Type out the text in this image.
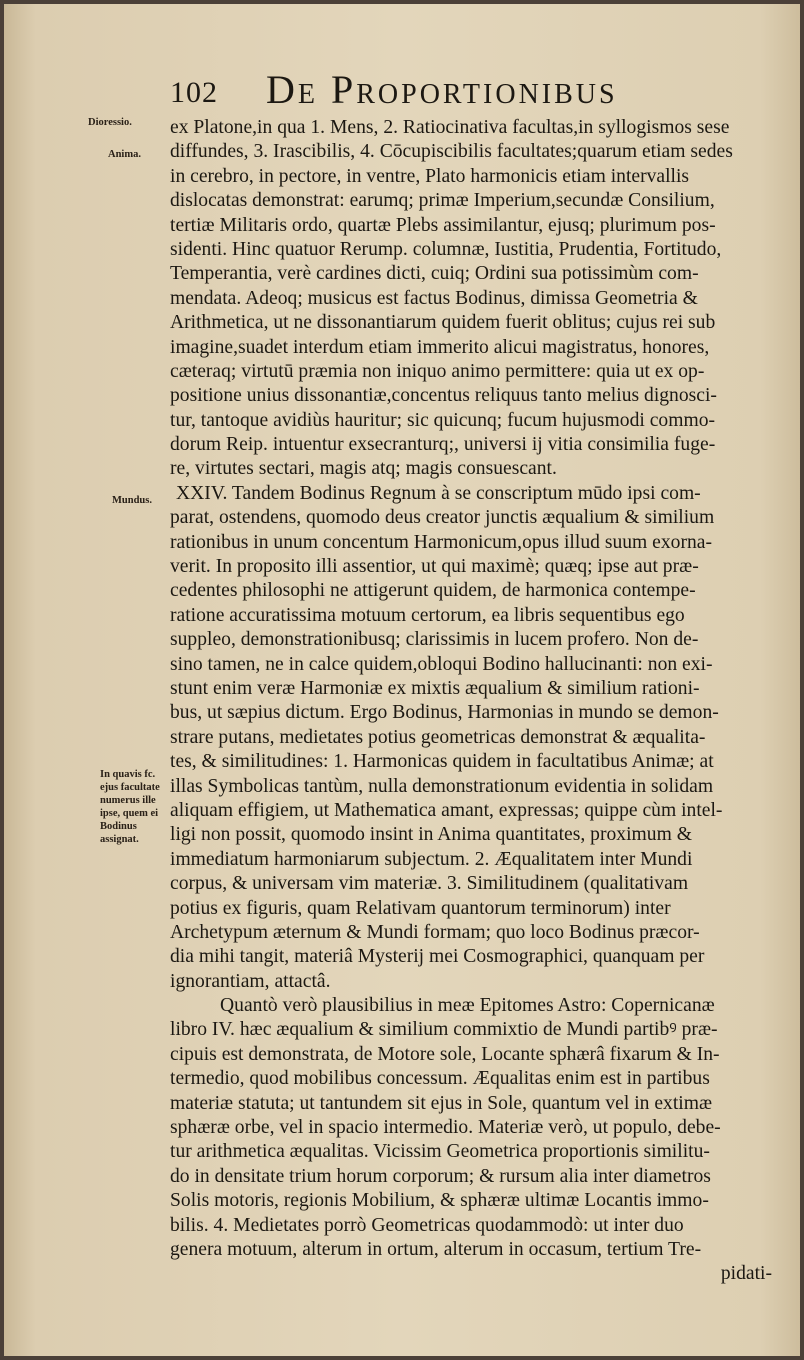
102 De Proportionibus
Dioressio.
Anima.
Mundus.
In quavis fc. ejus facultate numerus ille ipse, quem ei Bodinus assignat.
ex Platone,in qua 1. Mens, 2. Ratiocinativa facultas,in syllogismos sese
diffundes, 3. Irascibilis, 4. Cōcupiscibilis facultates;quarum etiam sedes
in cerebro, in pectore, in ventre, Plato harmonicis etiam intervallis
dislocatas demonstrat: earumq; primæ Imperium,secundæ Consilium,
tertiæ Militaris ordo, quartæ Plebs assimilantur, ejusq; plurimum pos-
sidenti. Hinc quatuor Rerump. columnæ, Iustitia, Prudentia, Fortitudo,
Temperantia, verè cardines dicti, cuiq; Ordini sua potissimùm com-
mendata. Adeoq; musicus est factus Bodinus, dimissa Geometria &
Arithmetica, ut ne dissonantiarum quidem fuerit oblitus; cujus rei sub
imagine,suadet interdum etiam immerito alicui magistratus, honores,
cæteraq; virtutū præmia non iniquo animo permittere: quia ut ex op-
positione unius dissonantiæ,concentus reliquus tanto melius dignosci-
tur, tantoque avidiùs hauritur; sic quicunq; fucum hujusmodi commo-
dorum Reip. intuentur exsecranturq;, universi ij vitia consimilia fuge-
re, virtutes sectari, magis atq; magis consuescant.
XXIV. Tandem Bodinus Regnum à se conscriptum mūdo ipsi com-
parat, ostendens, quomodo deus creator junctis æqualium & similium
rationibus in unum concentum Harmonicum,opus illud suum exorna-
verit. In proposito illi assentior, ut qui maximè; quæq; ipse aut præ-
cedentes philosophi ne attigerunt quidem, de harmonica contempe-
ratione accuratissima motuum certorum, ea libris sequentibus ego
suppleo, demonstrationibusq; clarissimis in lucem profero. Non de-
sino tamen, ne in calce quidem,obloqui Bodino hallucinanti: non exi-
stunt enim veræ Harmoniæ ex mixtis æqualium & similium rationi-
bus, ut sæpius dictum. Ergo Bodinus, Harmonias in mundo se demon-
strare putans, medietates potius geometricas demonstrat & æqualita-
tes, & similitudines: 1. Harmonicas quidem in facultatibus Animæ; at
illas Symbolicas tantùm, nulla demonstrationum evidentia in solidam
aliquam effigiem, ut Mathematica amant, expressas; quippe cùm intel-
ligi non possit, quomodo insint in Anima quantitates, proximum &
immediatum harmoniarum subjectum. 2. Æqualitatem inter Mundi
corpus, & universam vim materiæ. 3. Similitudinem (qualitativam
potius ex figuris, quam Relativam quantorum terminorum) inter
Archetypum æternum & Mundi formam; quo loco Bodinus præcor-
dia mihi tangit, materiâ Mysterij mei Cosmographici, quanquam per
ignorantiam, attactâ.
Quantò verò plausibilius in meæ Epitomes Astro: Copernicanæ
libro IV. hæc æqualium & similium commixtio de Mundi partibꝰ præ-
cipuis est demonstrata, de Motore sole, Locante sphærâ fixarum & In-
termedio, quod mobilibus concessum. Æqualitas enim est in partibus
materiæ statuta; ut tantundem sit ejus in Sole, quantum vel in extimæ
sphæræ orbe, vel in spacio intermedio. Materiæ verò, ut populo, debe-
tur arithmetica æqualitas. Vicissim Geometrica proportionis similitu-
do in densitate trium horum corporum; & rursum alia inter diametros
Solis motoris, regionis Mobilium, & sphæræ ultimæ Locantis immo-
bilis. 4. Medietates porrò Geometricas quodammodò: ut inter duo
genera motuum, alterum in ortum, alterum in occasum, tertium Tre-
pidati-
